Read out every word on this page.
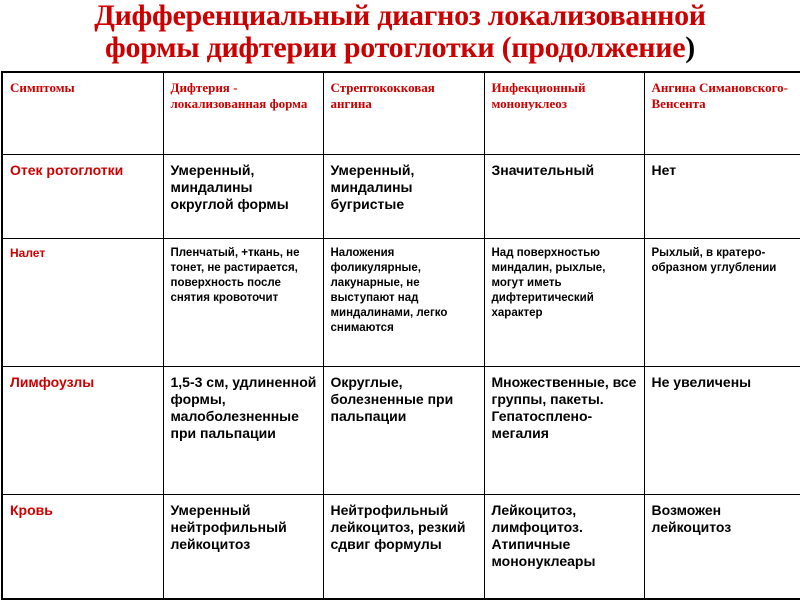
Дифференциальный диагноз локализованной
формы дифтерии ротоглотки (продолжение)
Симптомы	Дифтерия - локализованная форма	Стрептококковая ангина	Инфекционный мононуклеоз	Ангина Симановского-Венсента
Отек ротоглотки	Умеренный, миндалины округлой формы	Умеренный, миндалины бугристые	Значительный	Нет
Налет	Пленчатый, +ткань, не тонет, не растирается, поверхность после снятия кровоточит	Наложения фоликулярные, лакунарные, не выступают над миндалинами, легко снимаются	Над поверхностью миндалин, рыхлые, могут иметь дифтеритический характер	Рыхлый, в кратеро-образном углублении
Лимфоузлы	1,5-3 см, удлиненной формы, малоболезненные при пальпации	Округлые, болезненные при пальпации	Множественные, все группы, пакеты. Гепатосплено-мегалия	Не увеличены
Кровь	Умеренный нейтрофильный лейкоцитоз	Нейтрофильный лейкоцитоз, резкий сдвиг формулы	Лейкоцитоз, лимфоцитоз. Атипичные мононуклеары	Возможен лейкоцитоз
